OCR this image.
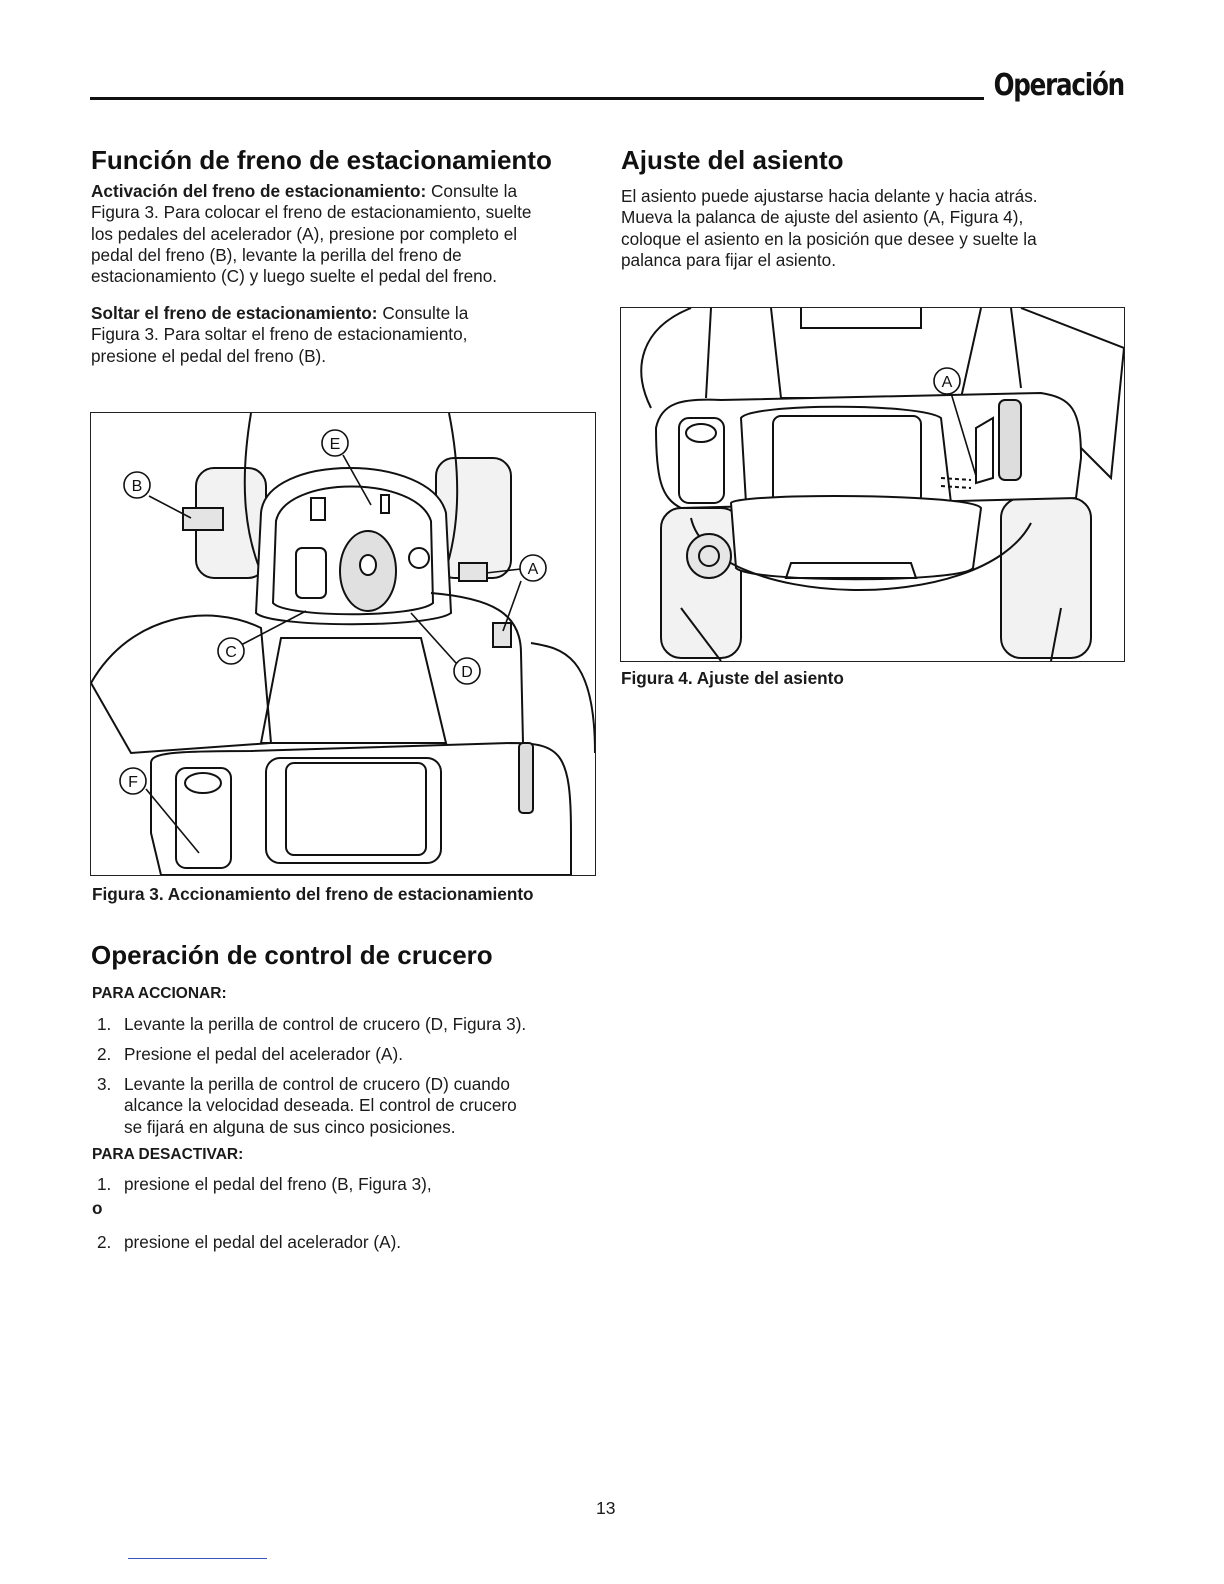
Operación
Función de freno de estacionamiento
Activación del freno de estacionamiento: Consulte la
Figura 3. Para colocar el freno de estacionamiento, suelte
los pedales del acelerador (A), presione por completo el
pedal del freno (B), levante la perilla del freno de
estacionamiento (C) y luego suelte el pedal del freno.
Soltar el freno de estacionamiento: Consulte la
Figura 3. Para soltar el freno de estacionamiento,
presione el pedal del freno (B).
B
E
A
C
D
F
Figura 3. Accionamiento del freno de estacionamiento
Ajuste del asiento
El asiento puede ajustarse hacia delante y hacia atrás.
Mueva la palanca de ajuste del asiento (A, Figura 4),
coloque el asiento en la posición que desee y suelte la
palanca para fijar el asiento.
A
Figura 4. Ajuste del asiento
Operación de control de crucero
PARA ACCIONAR:
1. Levante la perilla de control de crucero (D, Figura 3).
2. Presione el pedal del acelerador (A).
3. Levante la perilla de control de crucero (D) cuando
alcance la velocidad deseada. El control de crucero
se fijará en alguna de sus cinco posiciones.
PARA DESACTIVAR:
1. presione el pedal del freno (B, Figura 3),
o
2. presione el pedal del acelerador (A).
13
